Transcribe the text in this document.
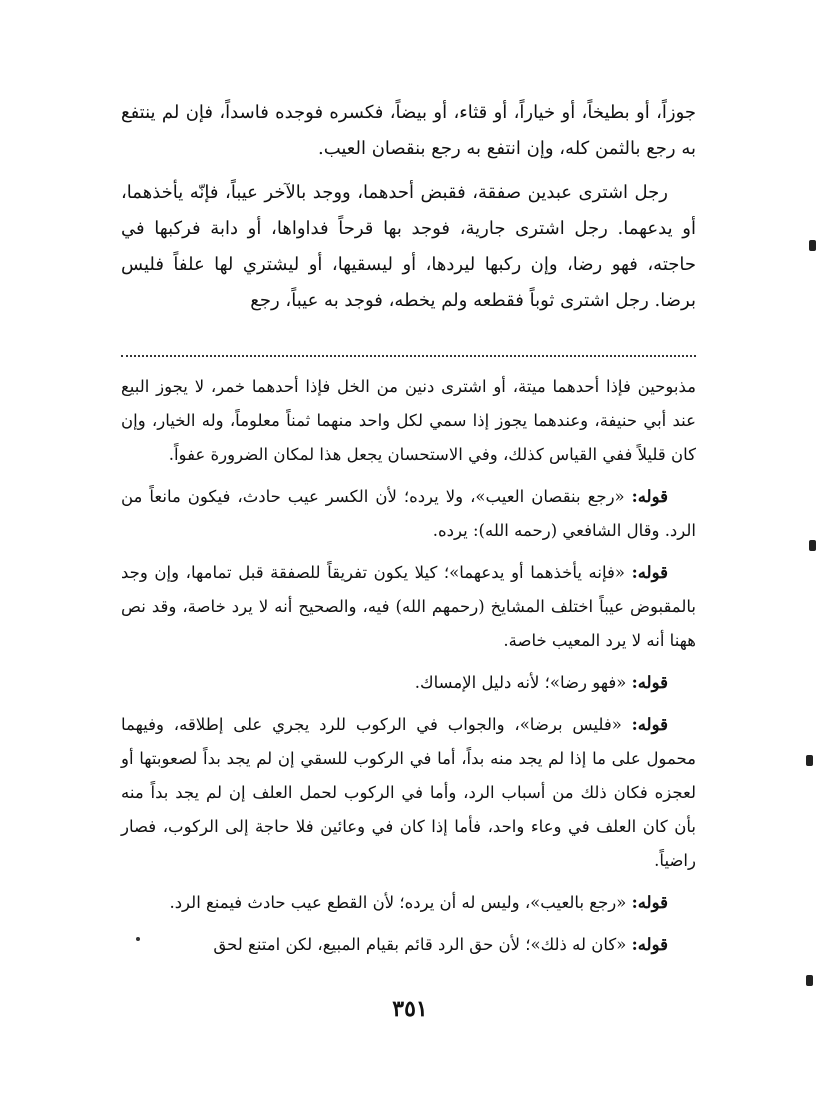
جوزاً، أو بطيخاً، أو خياراً، أو قثاء، أو بيضاً، فكسره فوجده فاسداً، فإن لم ينتفع به رجع بالثمن كله، وإن انتفع به رجع بنقصان العيب.

رجل اشترى عبدين صفقة، فقبض أحدهما، ووجد بالآخر عيباً، فإنّه يأخذهما، أو يدعهما. رجل اشترى جارية، فوجد بها قرحاً فداواها، أو دابة فركبها في حاجته، فهو رضا، وإن ركبها ليردها، أو ليسقيها، أو ليشتري لها علفاً فليس برضا. رجل اشترى ثوباً فقطعه ولم يخطه، فوجد به عيباً، رجع

مذبوحين فإذا أحدهما ميتة، أو اشترى دنين من الخل فإذا أحدهما خمر، لا يجوز البيع عند أبي حنيفة، وعندهما يجوز إذا سمي لكل واحد منهما ثمناً معلوماً، وله الخيار، وإن كان قليلاً ففي القياس كذلك، وفي الاستحسان يجعل هذا لمكان الضرورة عفواً.

قوله: «رجع بنقصان العيب»، ولا يرده؛ لأن الكسر عيب حادث، فيكون مانعاً من الرد. وقال الشافعي (رحمه الله): يرده.

قوله: «فإنه يأخذهما أو يدعهما»؛ كيلا يكون تفريقاً للصفقة قبل تمامها، وإن وجد بالمقبوض عيباً اختلف المشايخ (رحمهم الله) فيه، والصحيح أنه لا يرد خاصة، وقد نص ههنا أنه لا يرد المعيب خاصة.

قوله: «فهو رضا»؛ لأنه دليل الإمساك.

قوله: «فليس برضا»، والجواب في الركوب للرد يجري على إطلاقه، وفيهما محمول على ما إذا لم يجد منه بداً، أما في الركوب للسقي إن لم يجد بداً لصعوبتها أو لعجزه فكان ذلك من أسباب الرد، وأما في الركوب لحمل العلف إن لم يجد بداً منه بأن كان العلف في وعاء واحد، فأما إذا كان في وعائين فلا حاجة إلى الركوب، فصار راضياً.

قوله: «رجع بالعيب»، وليس له أن يرده؛ لأن القطع عيب حادث فيمنع الرد.

قوله: «كان له ذلك»؛ لأن حق الرد قائم بقيام المبيع، لكن امتنع لحق

٣٥١
